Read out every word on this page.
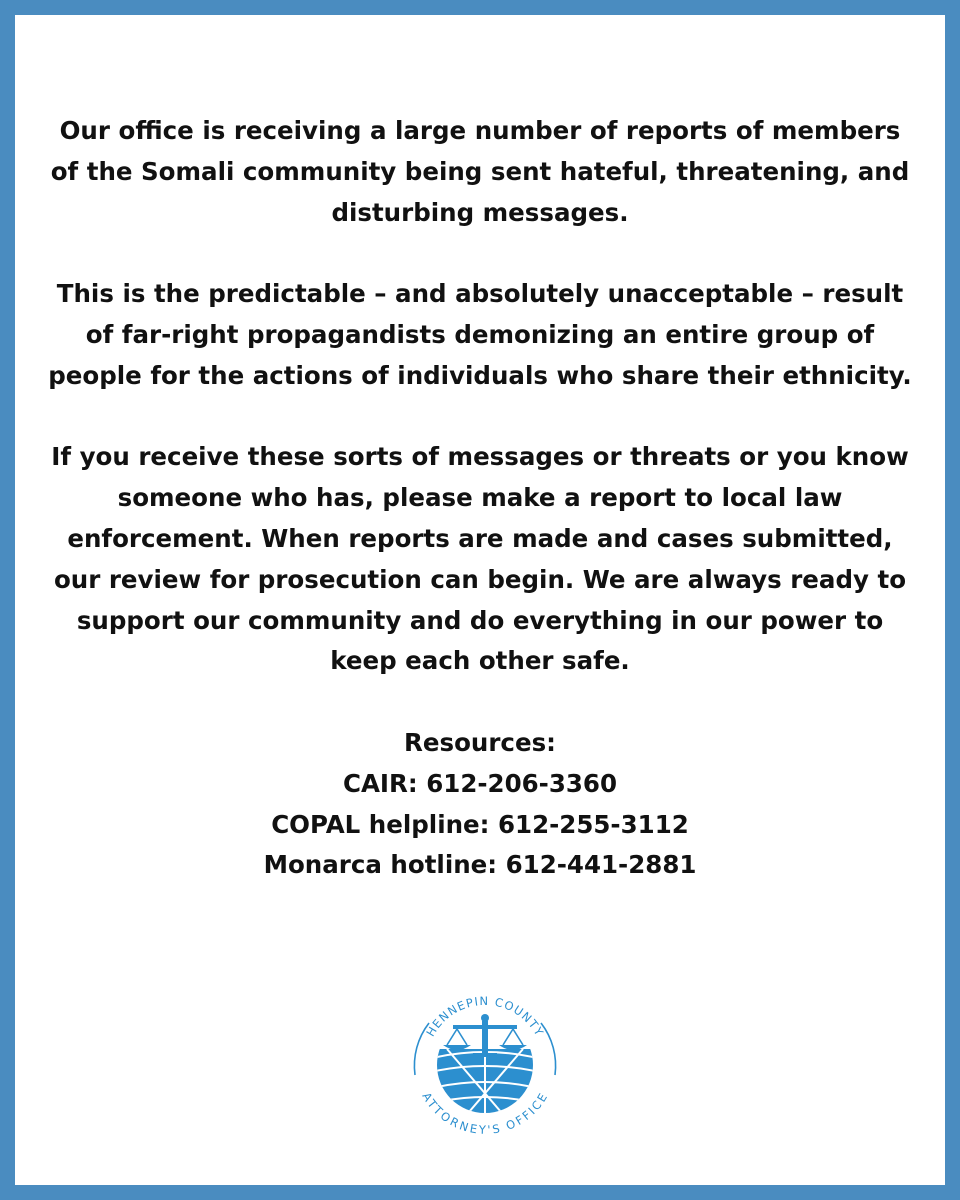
Our office is receiving a large number of reports of members of the Somali community being sent hateful, threatening, and disturbing messages.

This is the predictable – and absolutely unacceptable – result of far-right propagandists demonizing an entire group of people for the actions of individuals who share their ethnicity.

If you receive these sorts of messages or threats or you know someone who has, please make a report to local law enforcement. When reports are made and cases submitted, our review for prosecution can begin. We are always ready to support our community and do everything in our power to keep each other safe.

Resources:
CAIR: 612-206-3360
COPAL helpline: 612-255-3112
Monarca hotline: 612-441-2881
HENNEPIN COUNTY
ATTORNEY'S OFFICE
